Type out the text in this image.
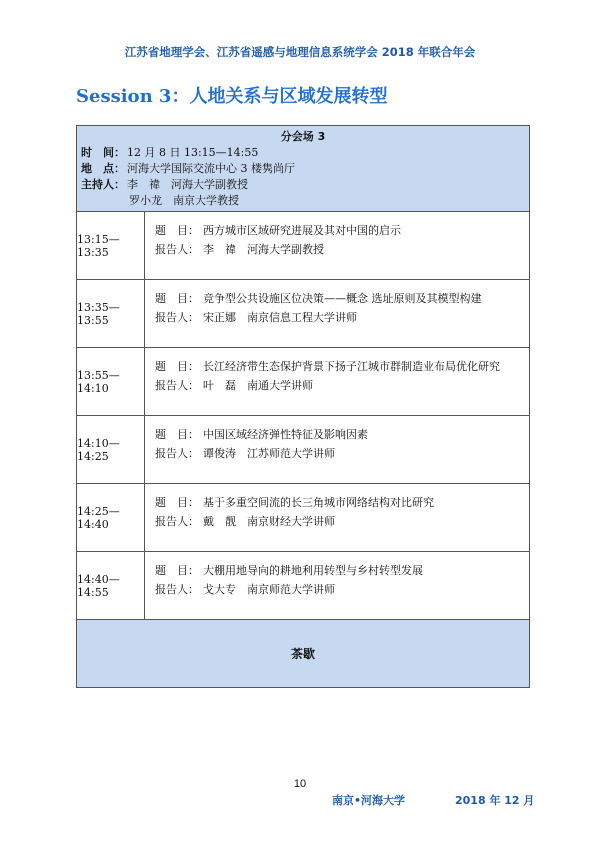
江苏省地理学会、江苏省遥感与地理信息系统学会 2018 年联合年会
Session 3：人地关系与区域发展转型
分会场 3
时　间： 12 月 8 日 13:15—14:55
地　点： 河海大学国际交流中心 3 楼隽尚厅
主持人： 李　禕　河海大学副教授
罗小龙　南京大学教授
13:15—13:35
题　目： 西方城市区域研究进展及其对中国的启示
报告人： 李　禕　河海大学副教授
13:35—13:55
题　目： 竞争型公共设施区位决策——概念 选址原则及其模型构建
报告人： 宋正娜　南京信息工程大学讲师
13:55—14:10
题　目： 长江经济带生态保护背景下扬子江城市群制造业布局优化研究
报告人： 叶　磊　南通大学讲师
14:10—14:25
题　目： 中国区域经济弹性特征及影响因素
报告人： 谭俊涛　江苏师范大学讲师
14:25—14:40
题　目： 基于多重空间流的长三角城市网络结构对比研究
报告人： 戴　靓　南京财经大学讲师
14:40—14:55
题　目： 大棚用地导向的耕地利用转型与乡村转型发展
报告人： 戈大专　南京师范大学讲师
茶歇
10
南京•河海大学	2018 年 12 月
